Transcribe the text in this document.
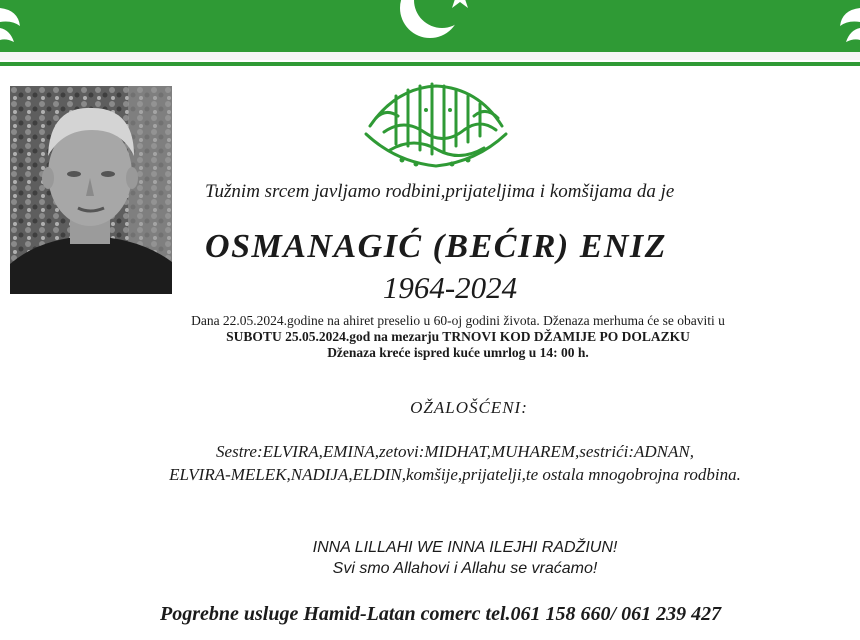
Tužnim srcem javljamo rodbini,prijateljima i komšijama da je
OSMANAGIĆ (BEĆIR) ENIZ
1964-2024
Dana 22.05.2024.godine na ahiret preselio u 60-oj godini života. Dženaza merhuma će se obaviti u
SUBOTU 25.05.2024.god na mezarju TRNOVI KOD DŽAMIJE PO DOLAZKU
Dženaza kreće ispred kuće umrlog u 14: 00 h.
OŽALOŠĆENI:
Sestre:ELVIRA,EMINA,zetovi:MIDHAT,MUHAREM,sestrići:ADNAN,
ELVIRA-MELEK,NADIJA,ELDIN,komšije,prijatelji,te ostala mnogobrojna rodbina.
INNA LILLAHI WE INNA ILEJHI RADŽIUN!
Svi smo Allahovi i Allahu se vraćamo!
Pogrebne usluge Hamid-Latan comerc tel.061 158 660/ 061 239 427
